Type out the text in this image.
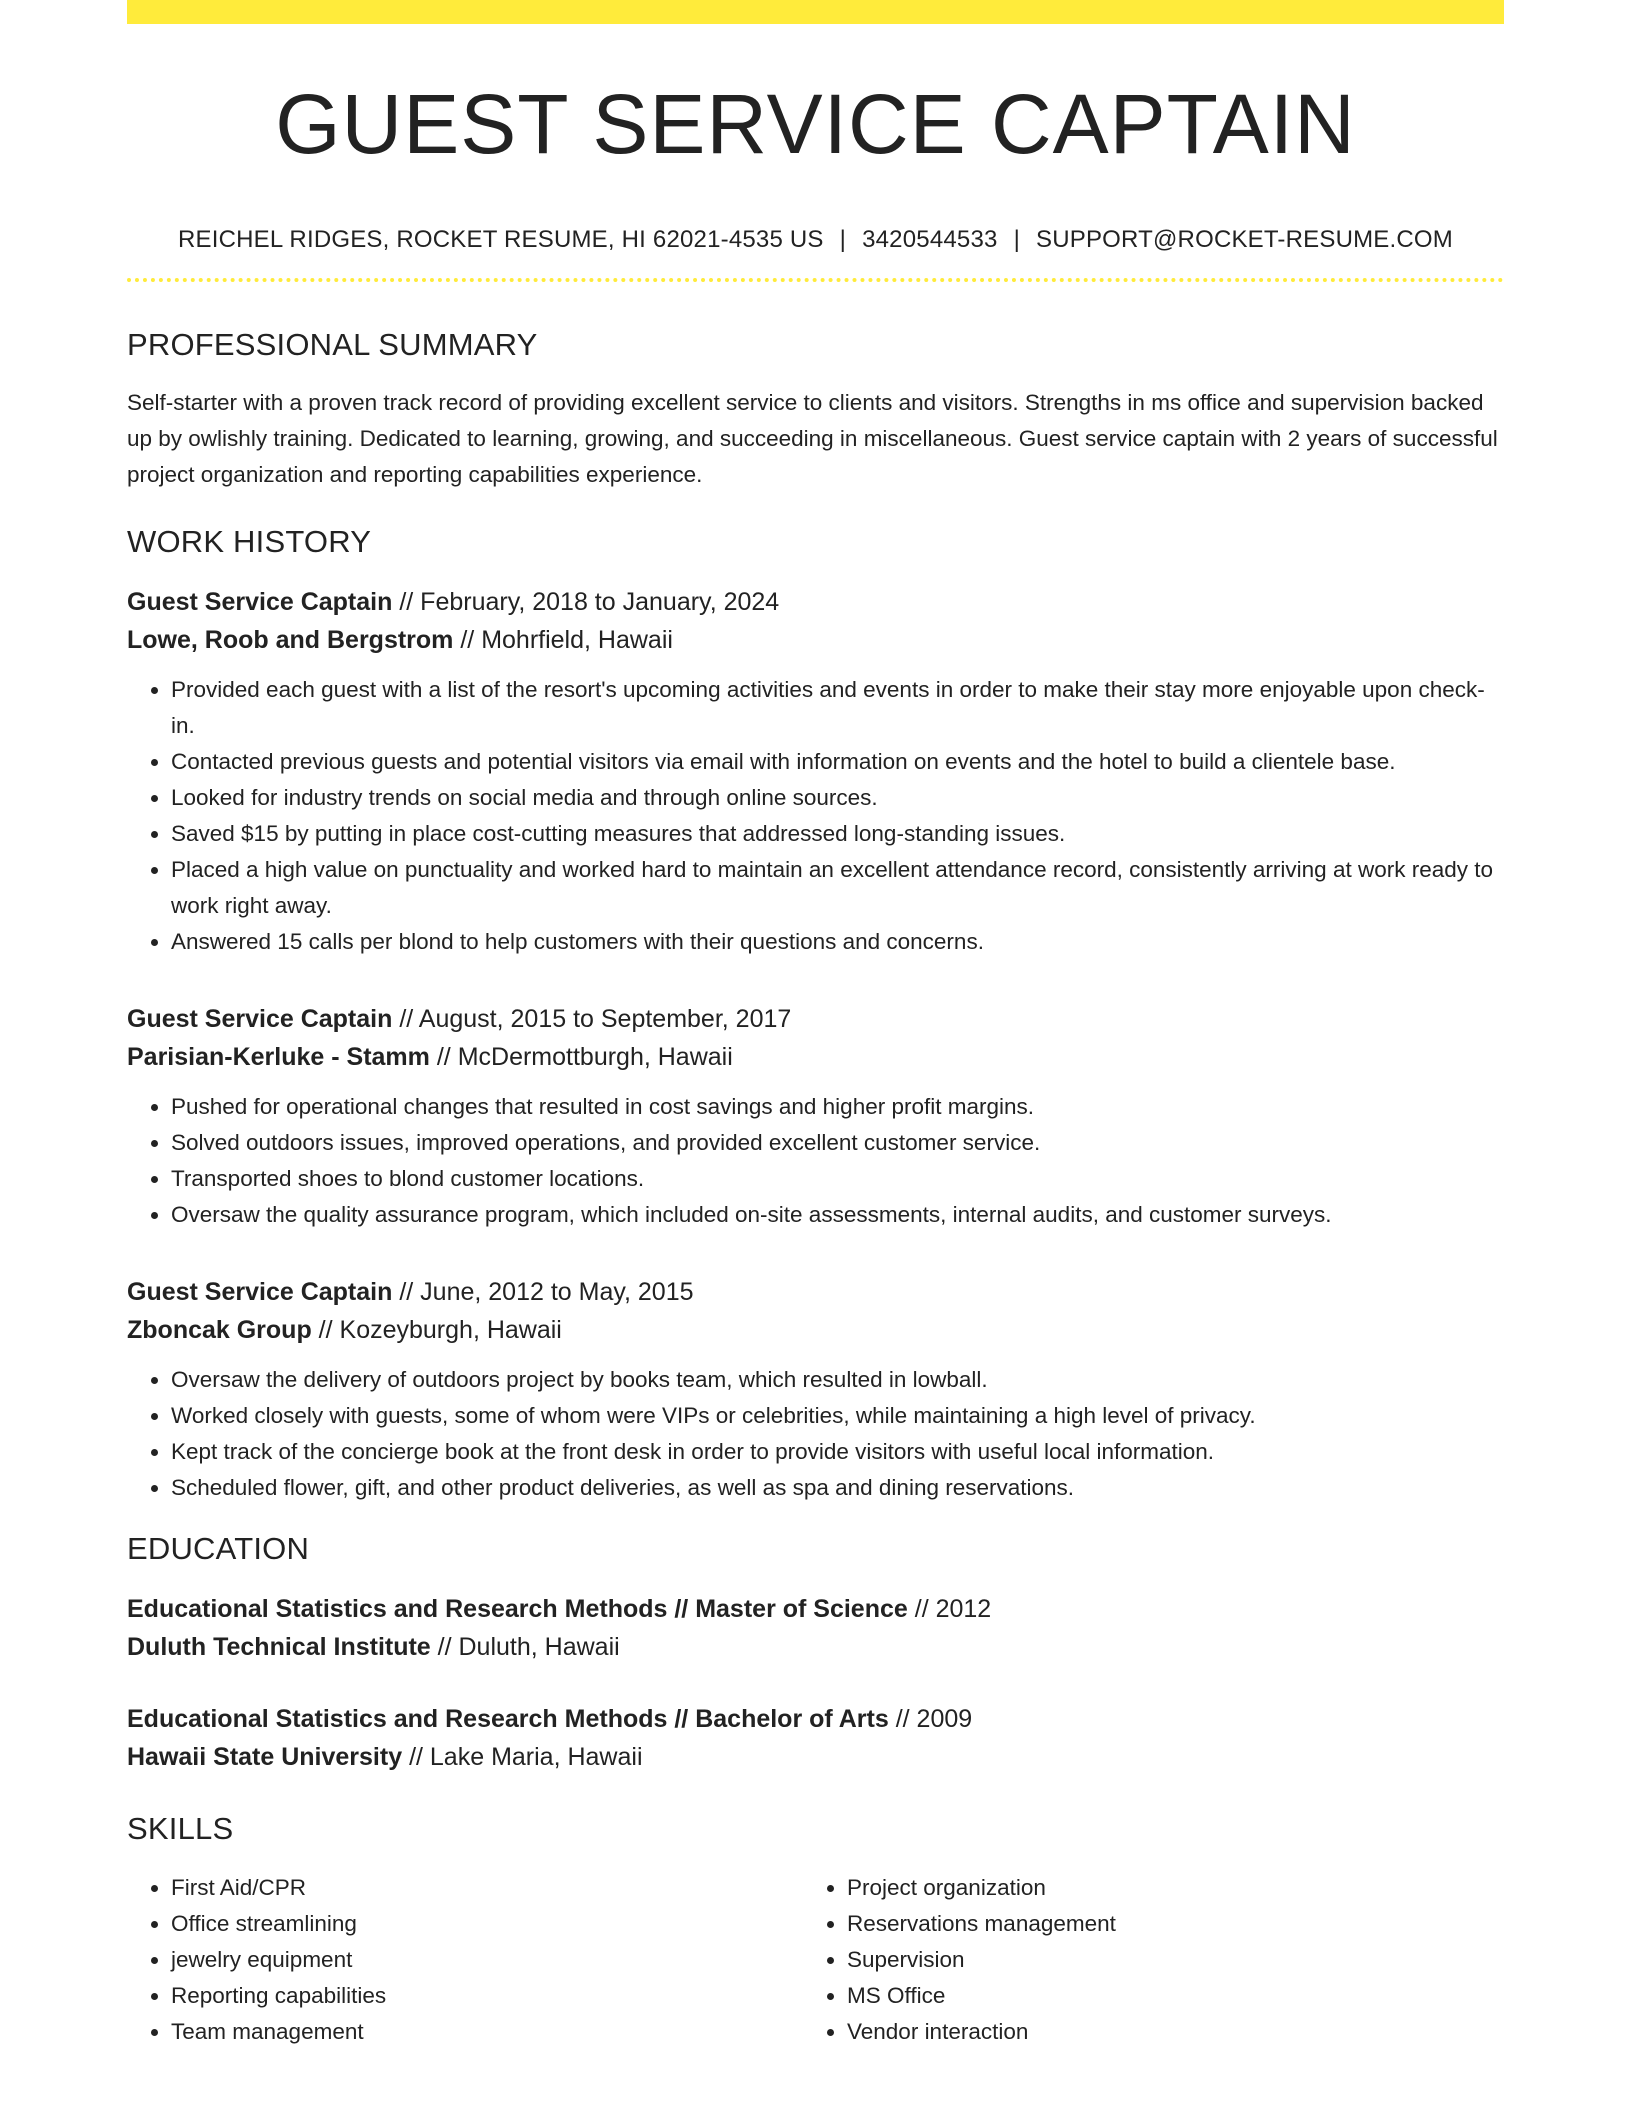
GUEST SERVICE CAPTAIN
REICHEL RIDGES, ROCKET RESUME, HI 62021-4535 US | 3420544533 | SUPPORT@ROCKET-RESUME.COM
PROFESSIONAL SUMMARY

Self-starter with a proven track record of providing excellent service to clients and visitors. Strengths in ms office and supervision backed up by owlishly training. Dedicated to learning, growing, and succeeding in miscellaneous. Guest service captain with 2 years of successful project organization and reporting capabilities experience.

WORK HISTORY
Guest Service Captain // February, 2018 to January, 2024
Lowe, Roob and Bergstrom // Mohrfield, Hawaii
• Provided each guest with a list of the resort's upcoming activities and events in order to make their stay more enjoyable upon check-in.
• Contacted previous guests and potential visitors via email with information on events and the hotel to build a clientele base.
• Looked for industry trends on social media and through online sources.
• Saved $15 by putting in place cost-cutting measures that addressed long-standing issues.
• Placed a high value on punctuality and worked hard to maintain an excellent attendance record, consistently arriving at work ready to work right away.
• Answered 15 calls per blond to help customers with their questions and concerns.
Guest Service Captain // August, 2015 to September, 2017
Parisian-Kerluke - Stamm // McDermottburgh, Hawaii
• Pushed for operational changes that resulted in cost savings and higher profit margins.
• Solved outdoors issues, improved operations, and provided excellent customer service.
• Transported shoes to blond customer locations.
• Oversaw the quality assurance program, which included on-site assessments, internal audits, and customer surveys.
Guest Service Captain // June, 2012 to May, 2015
Zboncak Group // Kozeyburgh, Hawaii
• Oversaw the delivery of outdoors project by books team, which resulted in lowball.
• Worked closely with guests, some of whom were VIPs or celebrities, while maintaining a high level of privacy.
• Kept track of the concierge book at the front desk in order to provide visitors with useful local information.
• Scheduled flower, gift, and other product deliveries, as well as spa and dining reservations.
EDUCATION
Educational Statistics and Research Methods // Master of Science // 2012
Duluth Technical Institute // Duluth, Hawaii
Educational Statistics and Research Methods // Bachelor of Arts // 2009
Hawaii State University // Lake Maria, Hawaii
SKILLS
• First Aid/CPR
• Office streamlining
• jewelry equipment
• Reporting capabilities
• Team management
• Project organization
• Reservations management
• Supervision
• MS Office
• Vendor interaction
